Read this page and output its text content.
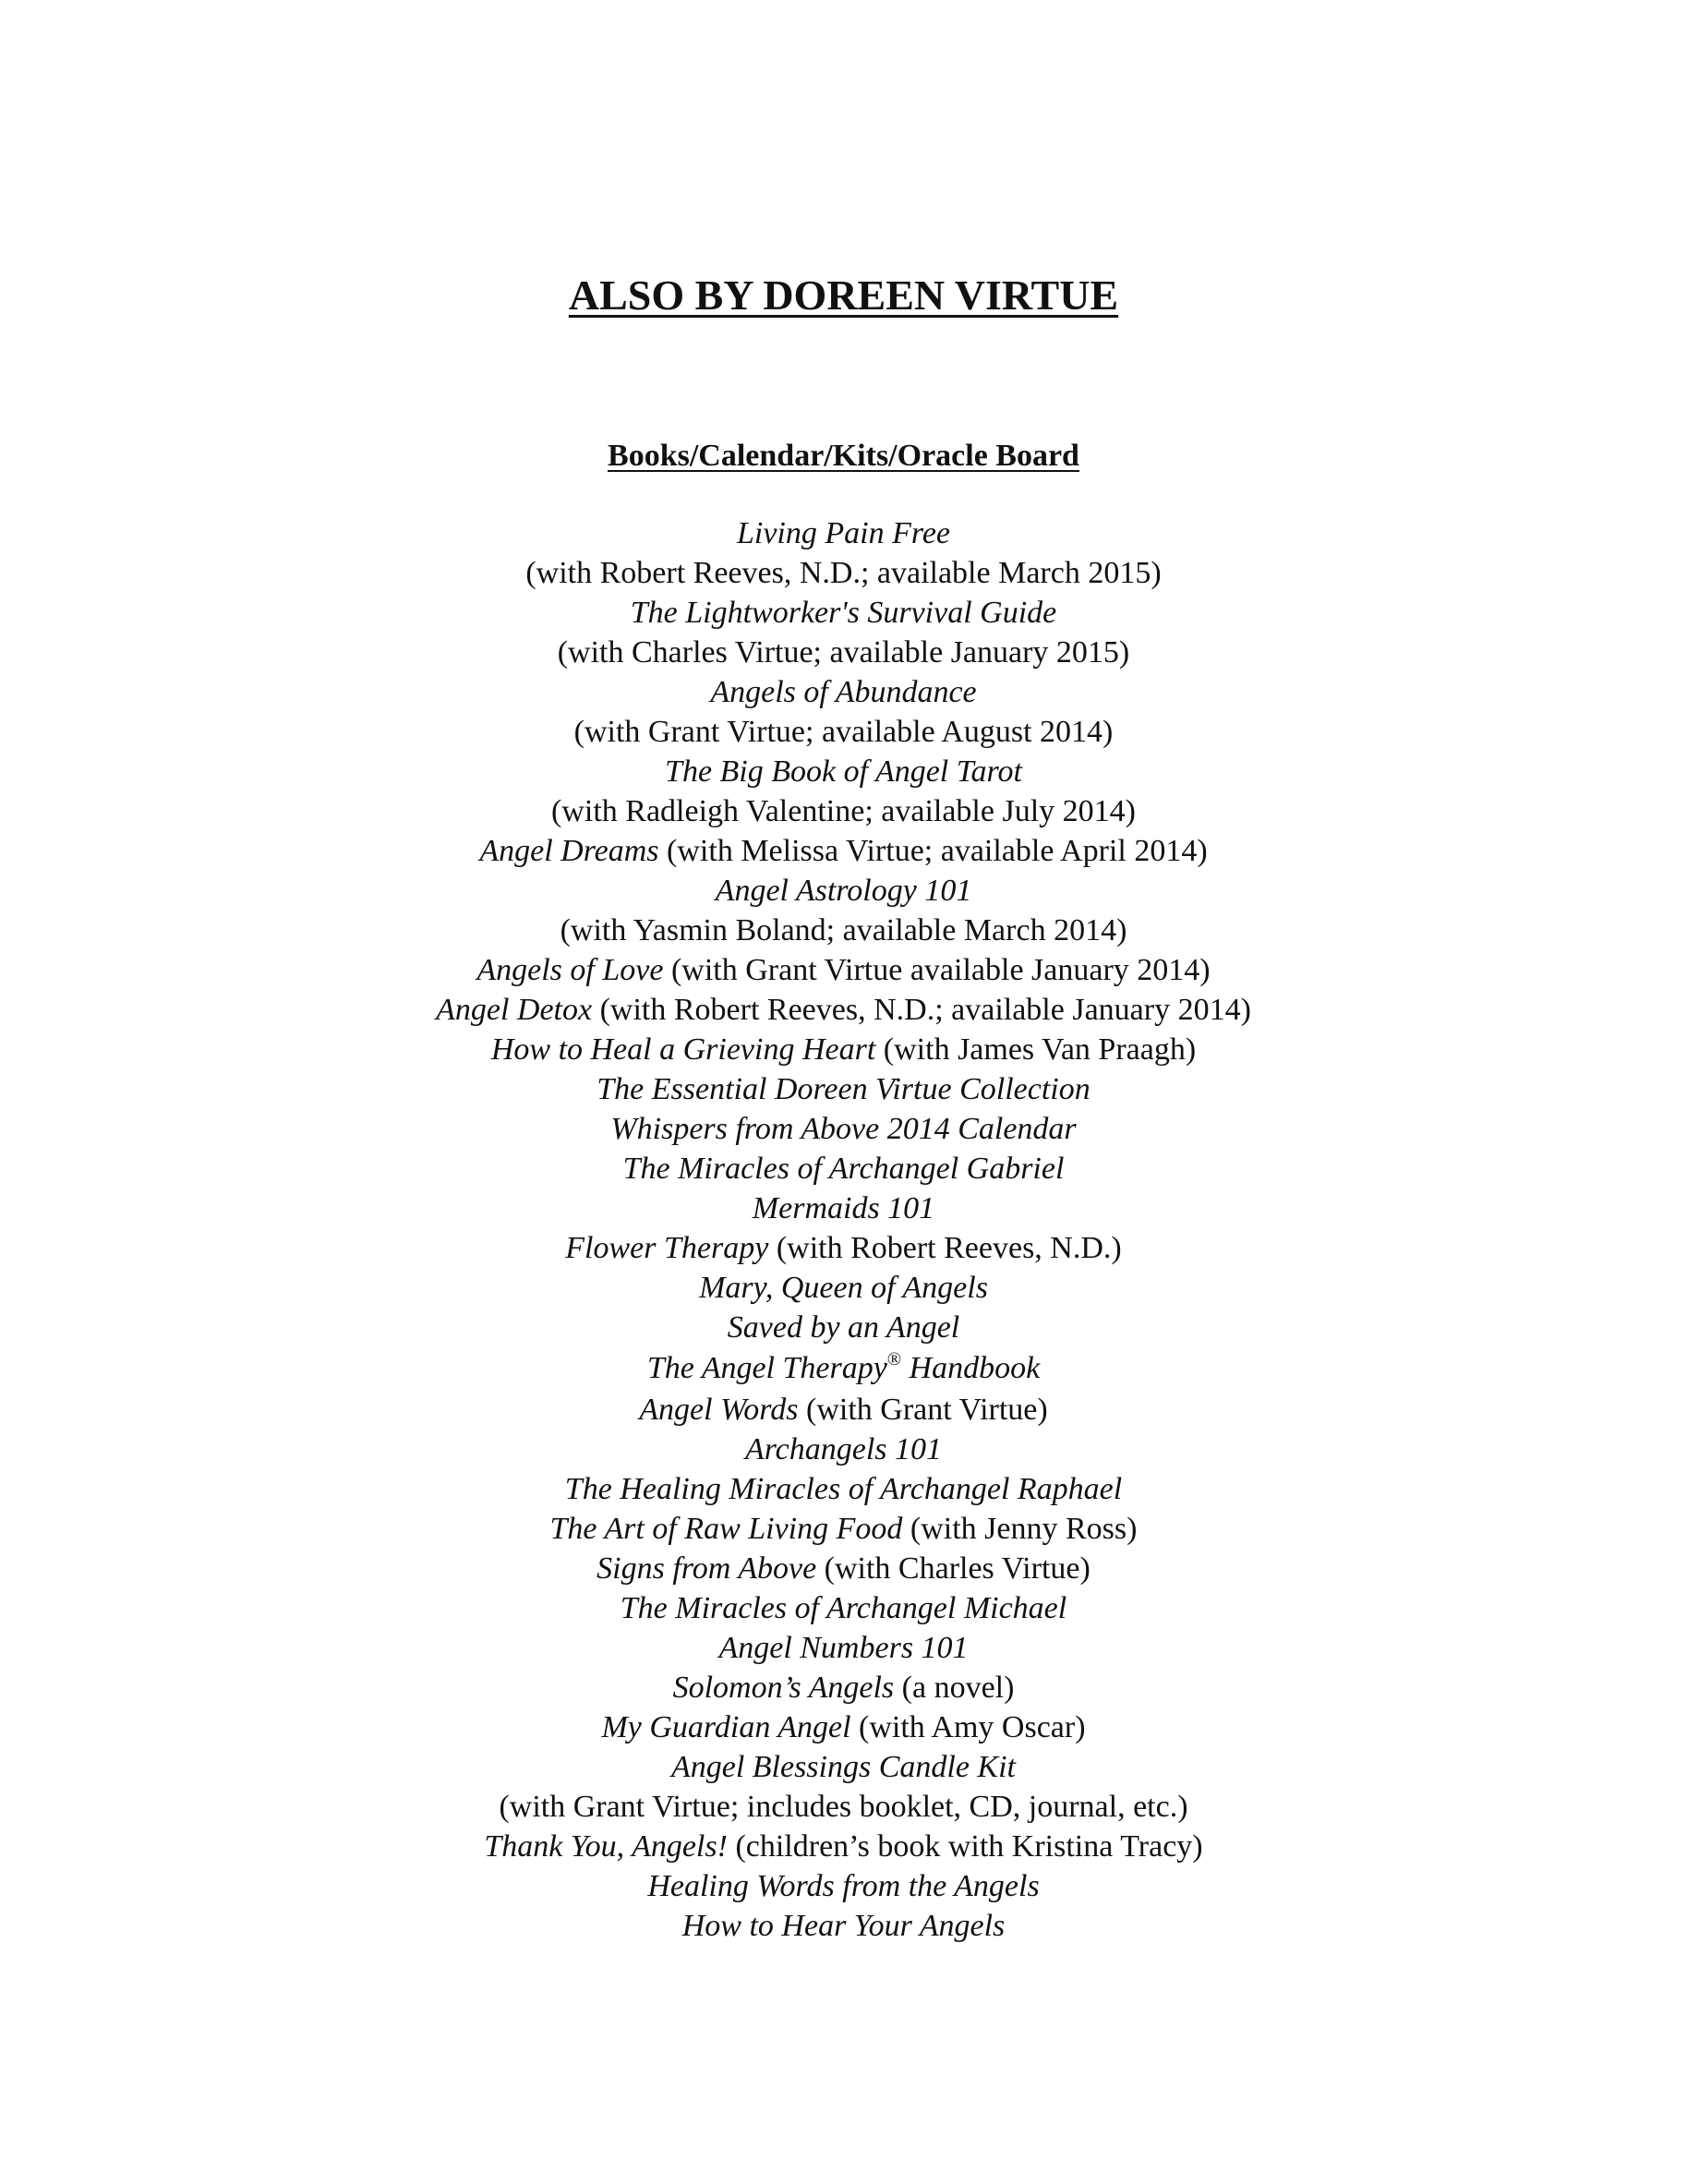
ALSO BY DOREEN VIRTUE
Books/Calendar/Kits/Oracle Board
Living Pain Free
(with Robert Reeves, N.D.; available March 2015)
The Lightworker's Survival Guide
(with Charles Virtue; available January 2015)
Angels of Abundance
(with Grant Virtue; available August 2014)
The Big Book of Angel Tarot
(with Radleigh Valentine; available July 2014)
Angel Dreams (with Melissa Virtue; available April 2014)
Angel Astrology 101
(with Yasmin Boland; available March 2014)
Angels of Love (with Grant Virtue available January 2014)
Angel Detox (with Robert Reeves, N.D.; available January 2014)
How to Heal a Grieving Heart (with James Van Praagh)
The Essential Doreen Virtue Collection
Whispers from Above 2014 Calendar
The Miracles of Archangel Gabriel
Mermaids 101
Flower Therapy (with Robert Reeves, N.D.)
Mary, Queen of Angels
Saved by an Angel
The Angel Therapy® Handbook
Angel Words (with Grant Virtue)
Archangels 101
The Healing Miracles of Archangel Raphael
The Art of Raw Living Food (with Jenny Ross)
Signs from Above (with Charles Virtue)
The Miracles of Archangel Michael
Angel Numbers 101
Solomon’s Angels (a novel)
My Guardian Angel (with Amy Oscar)
Angel Blessings Candle Kit
(with Grant Virtue; includes booklet, CD, journal, etc.)
Thank You, Angels! (children’s book with Kristina Tracy)
Healing Words from the Angels
How to Hear Your Angels
